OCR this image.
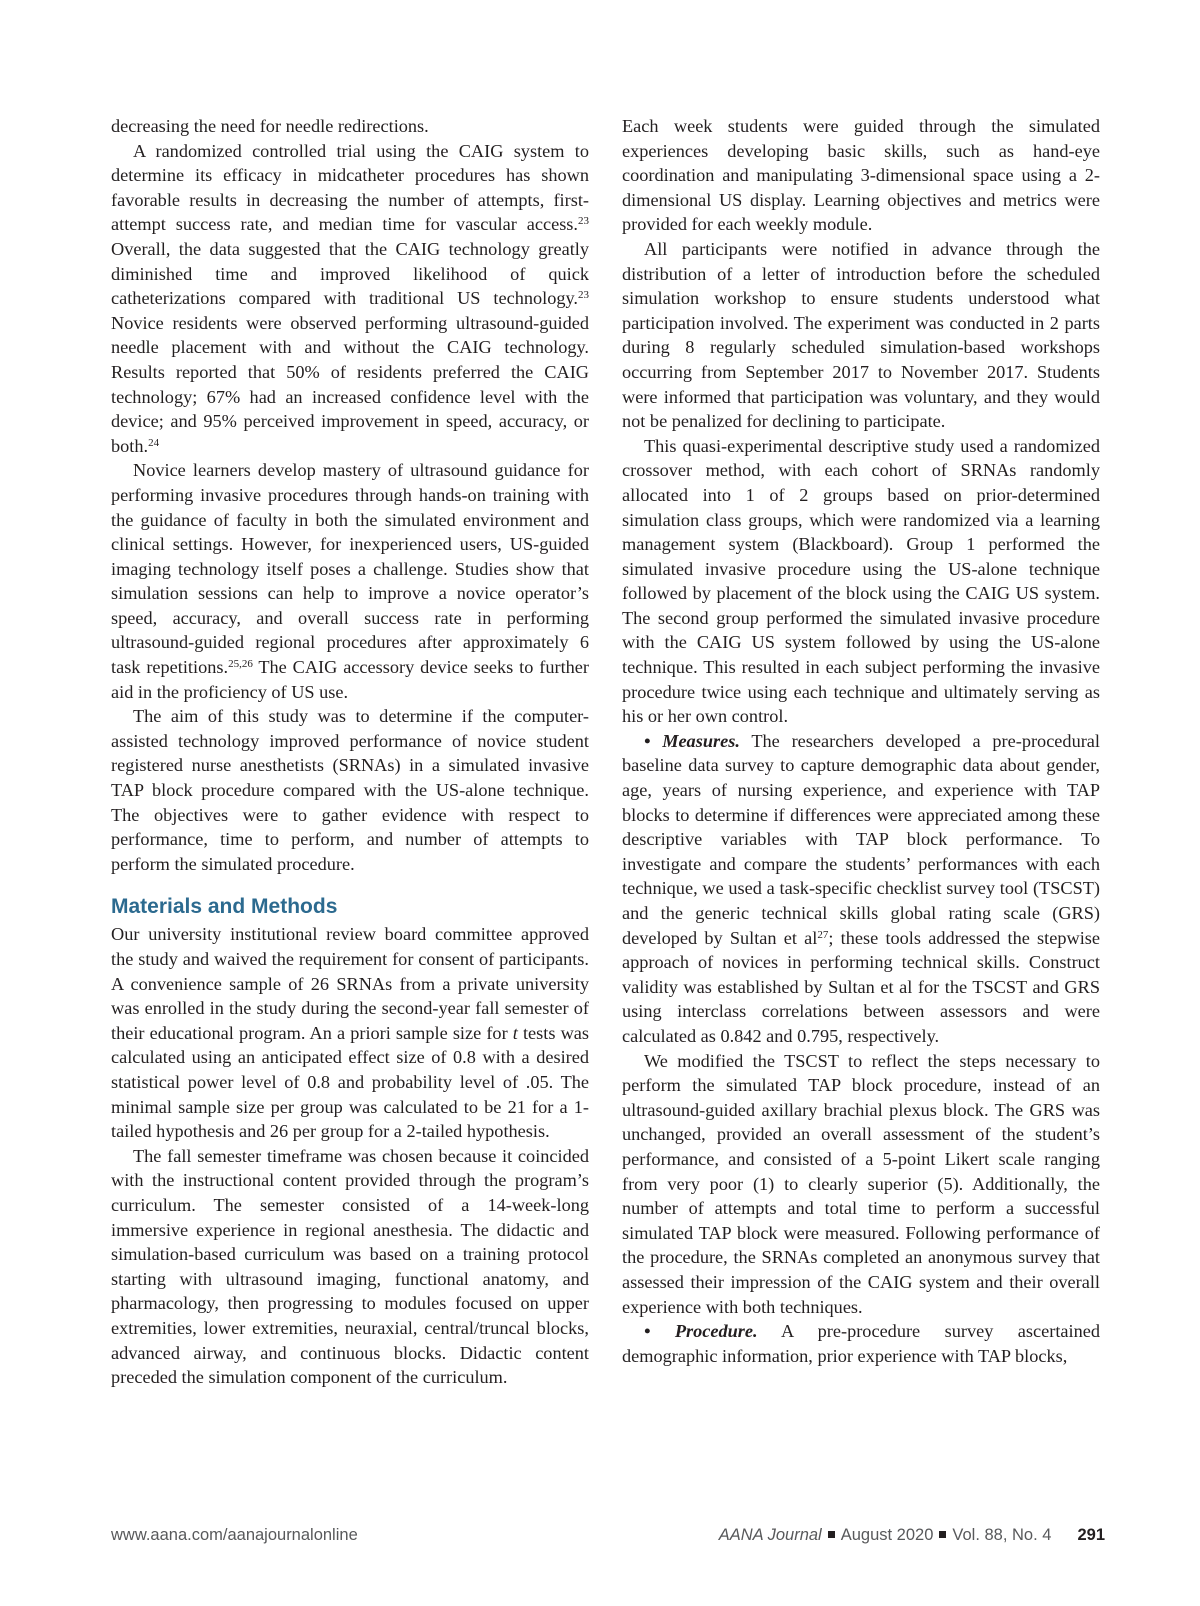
decreasing the need for needle redirections.

A randomized controlled trial using the CAIG system to determine its efficacy in midcatheter procedures has shown favorable results in decreasing the number of attempts, first-attempt success rate, and median time for vascular access.$^{23}$ Overall, the data suggested that the CAIG technology greatly diminished time and improved likelihood of quick catheterizations compared with traditional US technology.$^{23}$ Novice residents were observed performing ultrasound-guided needle placement with and without the CAIG technology. Results reported that 50% of residents preferred the CAIG technology; 67% had an increased confidence level with the device; and 95% perceived improvement in speed, accuracy, or both.$^{24}$

Novice learners develop mastery of ultrasound guidance for performing invasive procedures through hands-on training with the guidance of faculty in both the simulated environment and clinical settings. However, for inexperienced users, US-guided imaging technology itself poses a challenge. Studies show that simulation sessions can help to improve a novice operator’s speed, accuracy, and overall success rate in performing ultrasound-guided regional procedures after approximately 6 task repetitions.$^{25,26}$ The CAIG accessory device seeks to further aid in the proficiency of US use.

The aim of this study was to determine if the computer-assisted technology improved performance of novice student registered nurse anesthetists (SRNAs) in a simulated invasive TAP block procedure compared with the US-alone technique. The objectives were to gather evidence with respect to performance, time to perform, and number of attempts to perform the simulated procedure.

Materials and Methods

Our university institutional review board committee approved the study and waived the requirement for consent of participants. A convenience sample of 26 SRNAs from a private university was enrolled in the study during the second-year fall semester of their educational program. An a priori sample size for t tests was calculated using an anticipated effect size of 0.8 with a desired statistical power level of 0.8 and probability level of .05. The minimal sample size per group was calculated to be 21 for a 1-tailed hypothesis and 26 per group for a 2-tailed hypothesis.

The fall semester timeframe was chosen because it coincided with the instructional content provided through the program’s curriculum. The semester consisted of a 14-week-long immersive experience in regional anesthesia. The didactic and simulation-based curriculum was based on a training protocol starting with ultrasound imaging, functional anatomy, and pharmacology, then progressing to modules focused on upper extremities, lower extremities, neuraxial, central/truncal blocks, advanced airway, and continuous blocks. Didactic content preceded the simulation component of the curriculum.

Each week students were guided through the simulated experiences developing basic skills, such as hand-eye coordination and manipulating 3-dimensional space using a 2-dimensional US display. Learning objectives and metrics were provided for each weekly module.

All participants were notified in advance through the distribution of a letter of introduction before the scheduled simulation workshop to ensure students understood what participation involved. The experiment was conducted in 2 parts during 8 regularly scheduled simulation-based workshops occurring from September 2017 to November 2017. Students were informed that participation was voluntary, and they would not be penalized for declining to participate.

This quasi-experimental descriptive study used a randomized crossover method, with each cohort of SRNAs randomly allocated into 1 of 2 groups based on prior-determined simulation class groups, which were randomized via a learning management system (Blackboard). Group 1 performed the simulated invasive procedure using the US-alone technique followed by placement of the block using the CAIG US system. The second group performed the simulated invasive procedure with the CAIG US system followed by using the US-alone technique. This resulted in each subject performing the invasive procedure twice using each technique and ultimately serving as his or her own control.

• Measures. The researchers developed a pre-procedural baseline data survey to capture demographic data about gender, age, years of nursing experience, and experience with TAP blocks to determine if differences were appreciated among these descriptive variables with TAP block performance. To investigate and compare the students’ performances with each technique, we used a task-specific checklist survey tool (TSCST) and the generic technical skills global rating scale (GRS) developed by Sultan et $al^{27}$; these tools addressed the stepwise approach of novices in performing technical skills. Construct validity was established by Sultan et al for the TSCST and GRS using interclass correlations between assessors and were calculated as 0.842 and 0.795, respectively.

We modified the TSCST to reflect the steps necessary to perform the simulated TAP block procedure, instead of an ultrasound-guided axillary brachial plexus block. The GRS was unchanged, provided an overall assessment of the student’s performance, and consisted of a 5-point Likert scale ranging from very poor (1) to clearly superior (5). Additionally, the number of attempts and total time to perform a successful simulated TAP block were measured. Following performance of the procedure, the SRNAs completed an anonymous survey that assessed their impression of the CAIG system and their overall experience with both techniques.

• Procedure. A pre-procedure survey ascertained demographic information, prior experience with TAP blocks,

www.aana.com/aanajournalonline	AANA Journal August 2020 Vol. 88, No. 4 291
